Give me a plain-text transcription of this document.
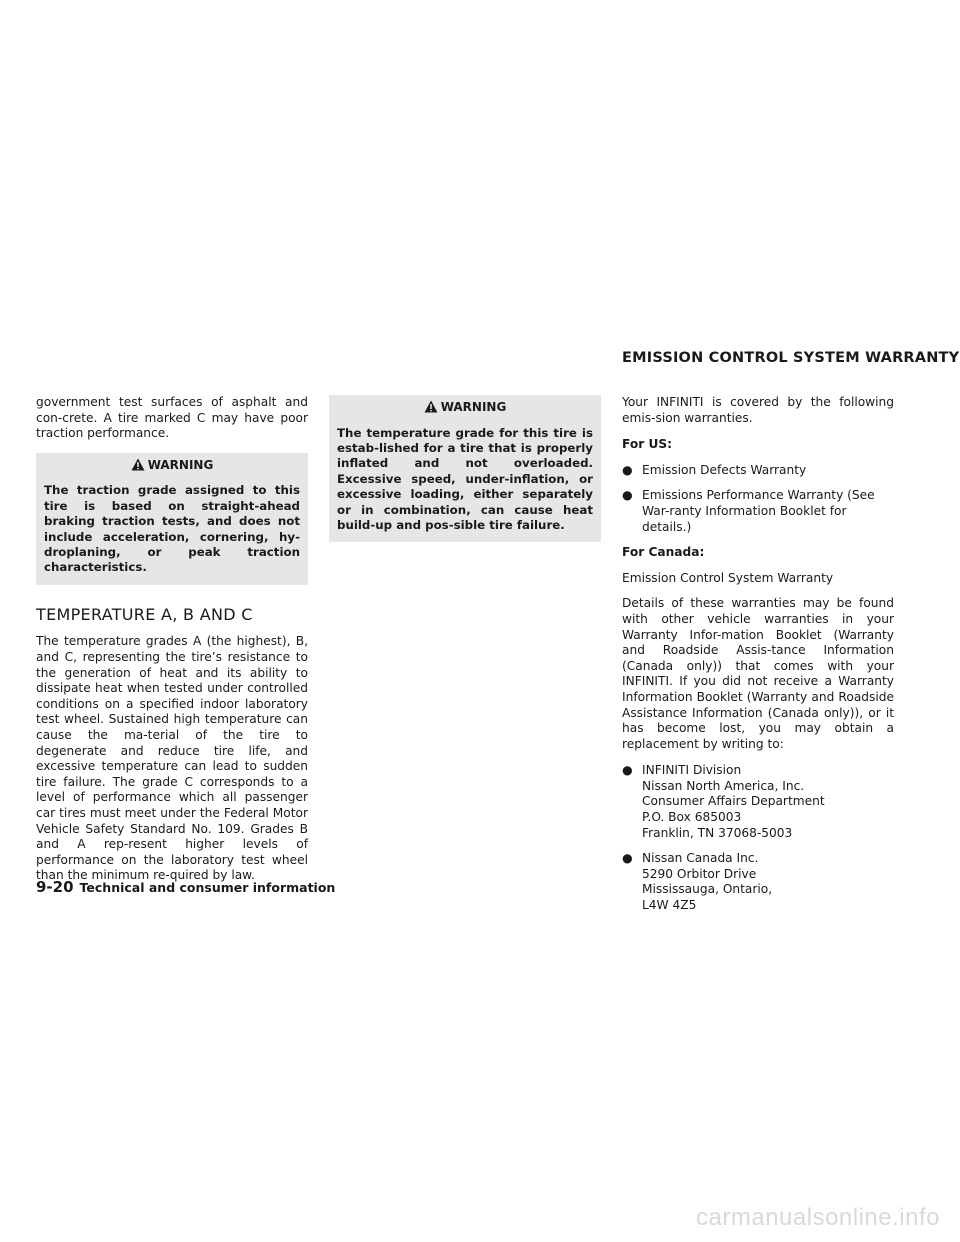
EMISSION CONTROL SYSTEM WARRANTY

government test surfaces of asphalt and con-crete. A tire marked C may have poor traction performance.

WARNING
The traction grade assigned to this tire is based on straight-ahead braking traction tests, and does not include acceleration, cornering, hy-droplaning, or peak traction characteristics.
TEMPERATURE A, B AND C

The temperature grades A (the highest), B, and C, representing the tire’s resistance to the generation of heat and its ability to dissipate heat when tested under controlled conditions on a specified indoor laboratory test wheel. Sustained high temperature can cause the ma-terial of the tire to degenerate and reduce tire life, and excessive temperature can lead to sudden tire failure. The grade C corresponds to a level of performance which all passenger car tires must meet under the Federal Motor Vehicle Safety Standard No. 109. Grades B and A rep-resent higher levels of performance on the laboratory test wheel than the minimum re-quired by law.

WARNING
The temperature grade for this tire is estab-lished for a tire that is properly inflated and not overloaded. Excessive speed, under-inflation, or excessive loading, either separately or in combination, can cause heat build-up and pos-sible tire failure.

Your INFINITI is covered by the following emis-sion warranties.

For US:
● Emission Defects Warranty
● Emissions Performance Warranty (See War-ranty Information Booklet for details.)
For Canada:
Emission Control System Warranty

Details of these warranties may be found with other vehicle warranties in your Warranty Infor-mation Booklet (Warranty and Roadside Assis-tance Information (Canada only)) that comes with your INFINITI. If you did not receive a Warranty Information Booklet (Warranty and Roadside Assistance Information (Canada only)), or it has become lost, you may obtain a replacement by writing to:

● INFINITI Division
Nissan North America, Inc.
Consumer Affairs Department
P.O. Box 685003
Franklin, TN 37068-5003
● Nissan Canada Inc.
5290 Orbitor Drive
Mississauga, Ontario,
L4W 4Z5
9-20 Technical and consumer information
carmanualsonline.info
